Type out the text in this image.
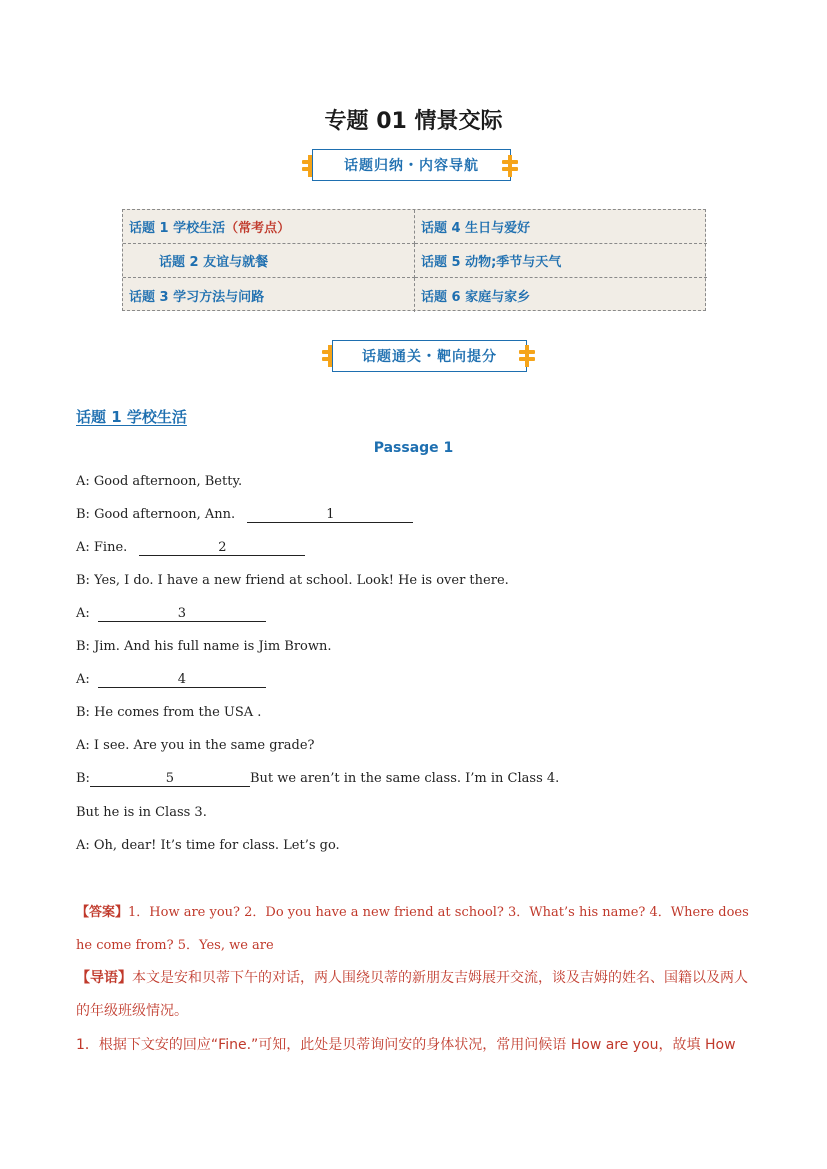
专题 01 情景交际
话题归纳・内容导航
话题 1 学校生活 （常考点）	话题 4 生日与爱好
话题 2 友谊与就餐	话题 5 动物;季节与天气
话题 3 学习方法与问路	话题 6 家庭与家乡
话题通关・靶向提分
话题 1 学校生活
Passage 1
A: Good afternoon, Betty.
B: Good afternoon, Ann.	1
A: Fine.	2
B: Yes, I do. I have a new friend at school. Look! He is over there.
A:	3
B: Jim. And his full name is Jim Brown.
A:	4
B: He comes from the USA .
A: I see. Are you in the same grade?
B:	5	But we aren’t in the same class. I’m in Class 4.
But he is in Class 3.
A: Oh, dear! It’s time for class. Let’s go.
【答案】1．How are you? 2．Do you have a new friend at school? 3．What’s his name? 4．Where does he come from? 5．Yes, we are
【导语】本文是安和贝蒂下午的对话，两人围绕贝蒂的新朋友吉姆展开交流，谈及吉姆的姓名、国籍以及两人的年级班级情况。
1．根据下文安的回应“Fine.”可知，此处是贝蒂询问安的身体状况，常用问候语 How are you，故填 How
